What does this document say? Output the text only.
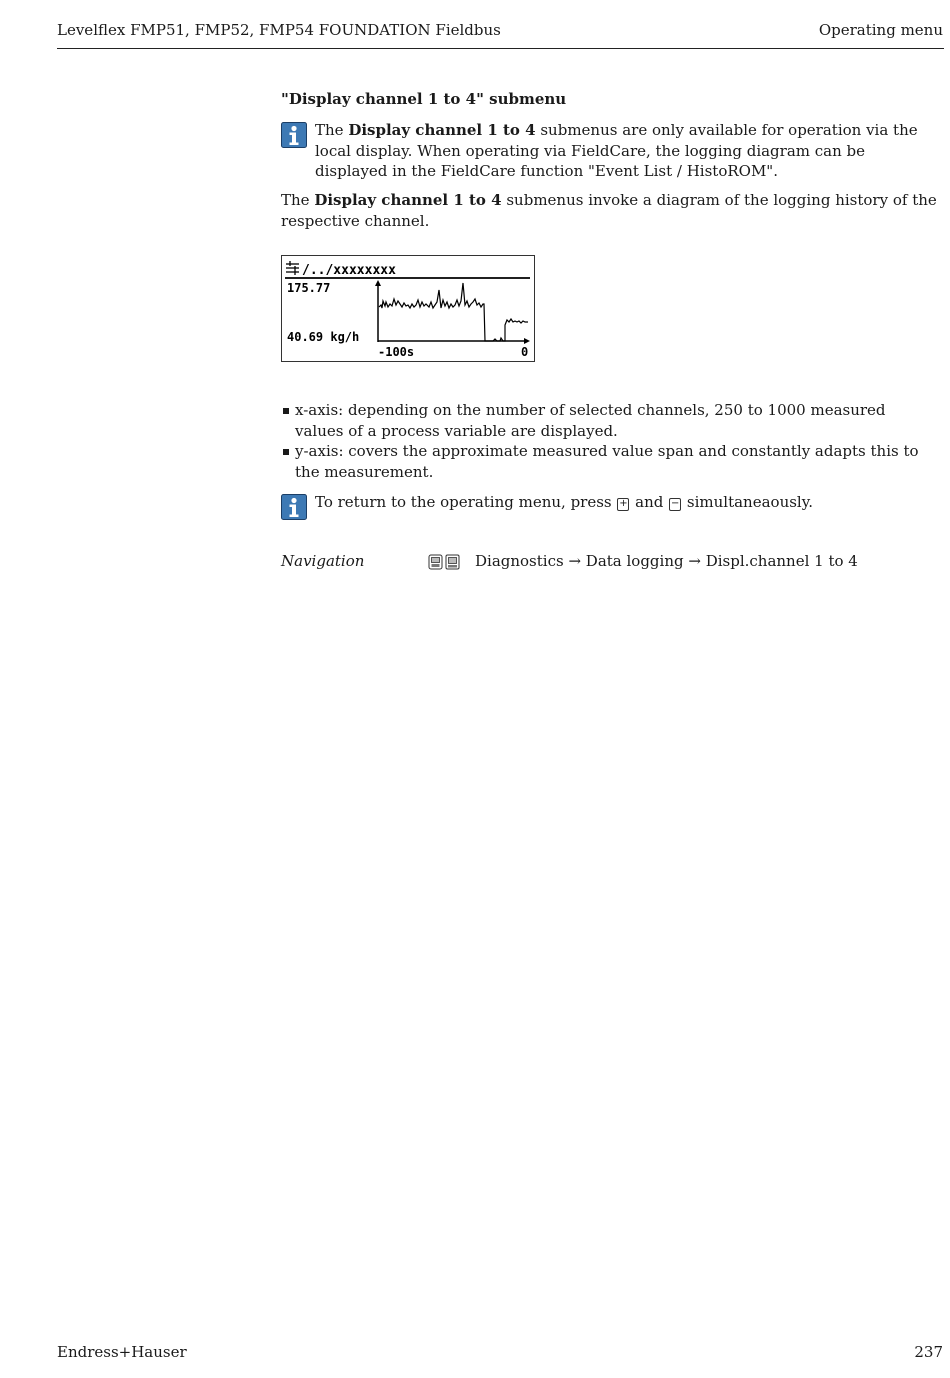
Levelflex FMP51, FMP52, FMP54 FOUNDATION Fieldbus	Operating menu
"Display channel 1 to 4" submenu
The Display channel 1 to 4 submenus are only available for operation via the local display. When operating via FieldCare, the logging diagram can be displayed in the FieldCare function "Event List / HistoROM".
The Display channel 1 to 4 submenus invoke a diagram of the logging history of the respective channel.
/../xxxxxxxx
175.77
40.69 kg/h
-100s	0
x-axis: depending on the number of selected channels, 250 to 1000 measured values of a process variable are displayed.
y-axis: covers the approximate measured value span and constantly adapts this to the measurement.
To return to the operating menu, press + and − simultaneaously.
Navigation	Diagnostics → Data logging → Displ.channel 1 to 4
Endress+Hauser	237
